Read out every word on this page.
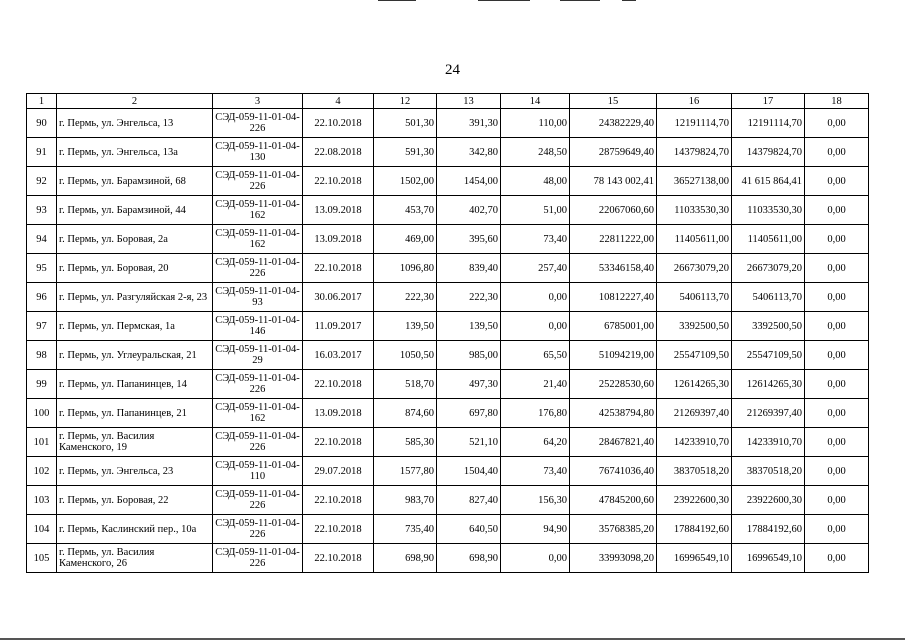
24
1	2	3	4	12	13	14	15	16	17	18
90	г. Пермь, ул. Энгельса, 13	СЭД-059-11-01-04-226	22.10.2018	501,30	391,30	110,00	24382229,40	12191114,70	12191114,70	0,00
91	г. Пермь, ул. Энгельса, 13а	СЭД-059-11-01-04-130	22.08.2018	591,30	342,80	248,50	28759649,40	14379824,70	14379824,70	0,00
92	г. Пермь, ул. Барамзиной, 68	СЭД-059-11-01-04-226	22.10.2018	1502,00	1454,00	48,00	78 143 002,41	36527138,00	41 615 864,41	0,00
93	г. Пермь, ул. Барамзиной, 44	СЭД-059-11-01-04-162	13.09.2018	453,70	402,70	51,00	22067060,60	11033530,30	11033530,30	0,00
94	г. Пермь, ул. Боровая, 2а	СЭД-059-11-01-04-162	13.09.2018	469,00	395,60	73,40	22811222,00	11405611,00	11405611,00	0,00
95	г. Пермь, ул. Боровая, 20	СЭД-059-11-01-04-226	22.10.2018	1096,80	839,40	257,40	53346158,40	26673079,20	26673079,20	0,00
96	г. Пермь, ул. Разгуляйская 2-я, 23	СЭД-059-11-01-04-93	30.06.2017	222,30	222,30	0,00	10812227,40	5406113,70	5406113,70	0,00
97	г. Пермь, ул. Пермская, 1а	СЭД-059-11-01-04-146	11.09.2017	139,50	139,50	0,00	6785001,00	3392500,50	3392500,50	0,00
98	г. Пермь, ул. Углеуральская, 21	СЭД-059-11-01-04-29	16.03.2017	1050,50	985,00	65,50	51094219,00	25547109,50	25547109,50	0,00
99	г. Пермь, ул. Папанинцев, 14	СЭД-059-11-01-04-226	22.10.2018	518,70	497,30	21,40	25228530,60	12614265,30	12614265,30	0,00
100	г. Пермь, ул. Папанинцев, 21	СЭД-059-11-01-04-162	13.09.2018	874,60	697,80	176,80	42538794,80	21269397,40	21269397,40	0,00
101	г. Пермь, ул. Василия Каменского, 19	СЭД-059-11-01-04-226	22.10.2018	585,30	521,10	64,20	28467821,40	14233910,70	14233910,70	0,00
102	г. Пермь, ул. Энгельса, 23	СЭД-059-11-01-04-110	29.07.2018	1577,80	1504,40	73,40	76741036,40	38370518,20	38370518,20	0,00
103	г. Пермь, ул. Боровая, 22	СЭД-059-11-01-04-226	22.10.2018	983,70	827,40	156,30	47845200,60	23922600,30	23922600,30	0,00
104	г. Пермь, Каслинский пер., 10а	СЭД-059-11-01-04-226	22.10.2018	735,40	640,50	94,90	35768385,20	17884192,60	17884192,60	0,00
105	г. Пермь, ул. Василия Каменского, 26	СЭД-059-11-01-04-226	22.10.2018	698,90	698,90	0,00	33993098,20	16996549,10	16996549,10	0,00
